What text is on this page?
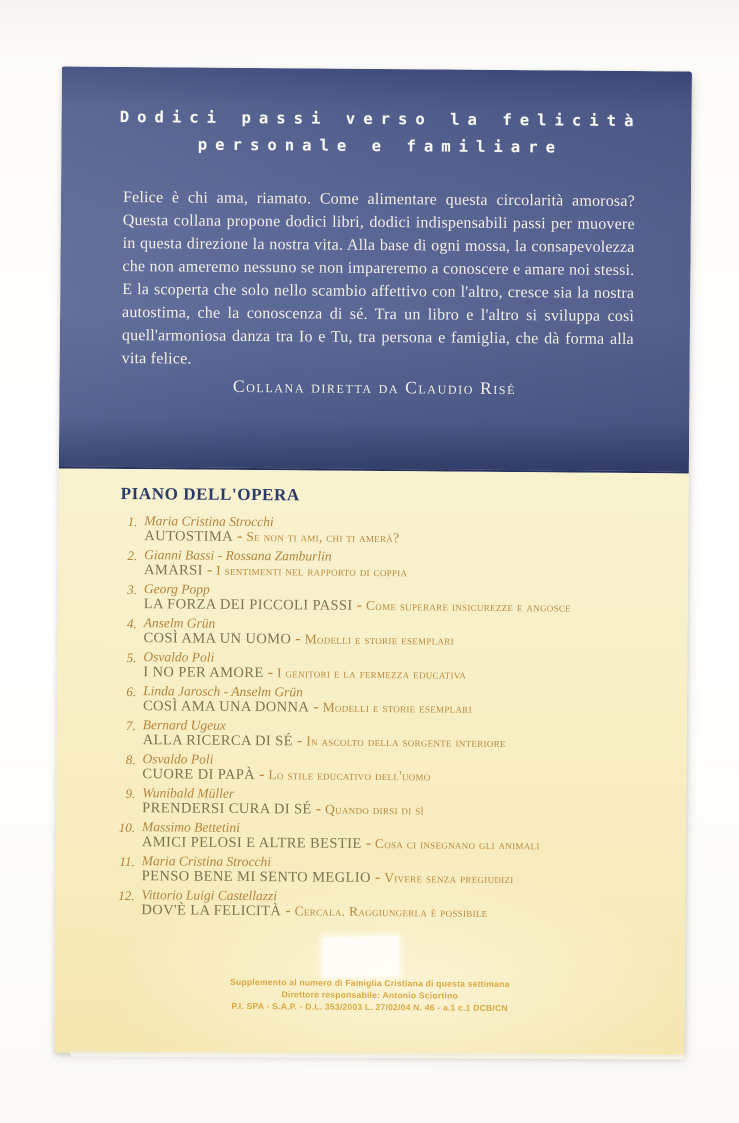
Dodici passi verso la felicità
personale e familiare
Felice è chi ama, riamato. Come alimentare questa circolarità amorosa? Questa collana propone dodici libri, dodici indispensabili passi per muovere in questa direzione la nostra vita. Alla base di ogni mossa, la consapevolezza che non ameremo nessuno se non impareremo a conoscere e amare noi stessi. E la scoperta che solo nello scambio affettivo con l'altro, cresce sia la nostra autostima, che la conoscenza di sé. Tra un libro e l'altro si sviluppa così quell'armoniosa danza tra Io e Tu, tra persona e famiglia, che dà forma alla vita felice.
Collana diretta da Claudio Risé
PIANO DELL'OPERA
1. Maria Cristina Strocchi
AUTOSTIMA - Se non ti ami, chi ti amerà?
2. Gianni Bassi - Rossana Zamburlin
AMARSI - I sentimenti nel rapporto di coppia
3. Georg Popp
LA FORZA DEI PICCOLI PASSI - Come superare insicurezze e angosce
4. Anselm Grün
COSÌ AMA UN UOMO - Modelli e storie esemplari
5. Osvaldo Poli
I NO PER AMORE - I genitori e la fermezza educativa
6. Linda Jarosch - Anselm Grün
COSÌ AMA UNA DONNA - Modelli e storie esemplari
7. Bernard Ugeux
ALLA RICERCA DI SÉ - In ascolto della sorgente interiore
8. Osvaldo Poli
CUORE DI PAPÀ - Lo stile educativo dell'uomo
9. Wunibald Müller
PRENDERSI CURA DI SÉ - Quando dirsi di sì
10. Massimo Bettetini
AMICI PELOSI E ALTRE BESTIE - Cosa ci insegnano gli animali
11. Maria Cristina Strocchi
PENSO BENE MI SENTO MEGLIO - Vivere senza pregiudizi
12. Vittorio Luigi Castellazzi
DOV'È LA FELICITÀ - Cercala. Raggiungerla è possibile
Supplemento al numero di Famiglia Cristiana di questa settimana
Direttore responsabile: Antonio Sciortino
P.I. SPA - S.A.P. - D.L. 353/2003 L. 27/02/04 N. 46 - a.1 c.1 DCB/CN
